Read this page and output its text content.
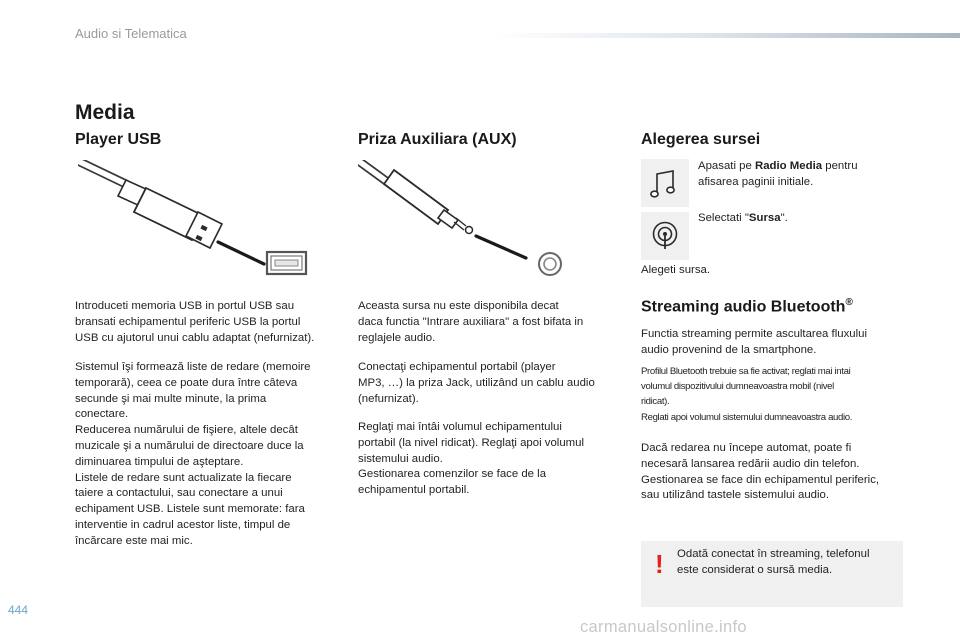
Audio si Telematica
Media
Player USB	Priza Auxiliara (AUX)	Alegerea sursei
Introduceti memoria USB in portul USB sau
bransati echipamentul periferic USB la portul
USB cu ajutorul unui cablu adaptat (nefurnizat).
Sistemul îşi formează liste de redare (memoire
temporară), ceea ce poate dura între câteva
secunde şi mai multe minute, la prima
conectare.
Reducerea numărului de fişiere, altele decât
muzicale şi a numărului de directoare duce la
diminuarea timpului de aşteptare.
Listele de redare sunt actualizate la fiecare
taiere a contactului, sau conectare a unui
echipament USB. Listele sunt memorate: fara
interventie in cadrul acestor liste, timpul de
încărcare este mai mic.
Aceasta sursa nu este disponibila decat
daca functia "Intrare auxiliara" a fost bifata in
reglajele audio.
Conectaţi echipamentul portabil (player
MP3, …) la priza Jack, utilizând un cablu audio
(nefurnizat).
Reglaţi mai întâi volumul echipamentului
portabil (la nivel ridicat). Reglaţi apoi volumul
sistemului audio.
Gestionarea comenzilor se face de la
echipamentul portabil.
Apasati pe Radio Media pentru
afisarea paginii initiale.
Selectati "Sursa".
Alegeti sursa.
Streaming audio Bluetooth®
Functia streaming permite ascultarea fluxului
audio provenind de la smartphone.
Profilul Bluetooth trebuie sa fie activat; reglati mai intai
volumul dispozitivului dumneavoastra mobil (nivel
ridicat).
Reglati apoi volumul sistemului dumneavoastra audio.
Dacă redarea nu începe automat, poate fi
necesară lansarea redării audio din telefon.
Gestionarea se face din echipamentul periferic,
sau utilizând tastele sistemului audio.
! Odată conectat în streaming, telefonul
este considerat o sursă media.
444
carmanualsonline.info
